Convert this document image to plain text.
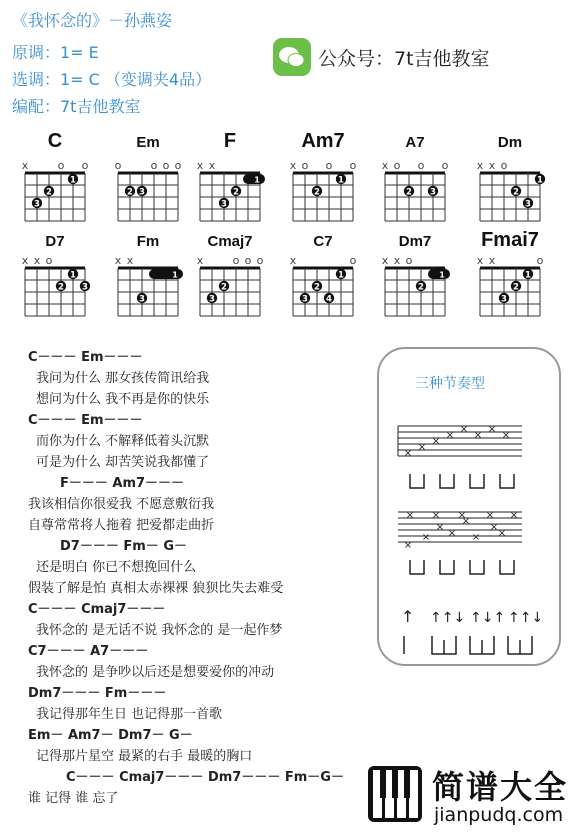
《我怀念的》－孙燕姿
原调：1= E
选调：1= C （变调夹4品）
编配：7t吉他教室
公众号：7t吉他教室
C
x	o o
3
2
1
Em
o	o o o
2 3
F
x x
1
2
3
Am7
x o o o
2
1
A7
x o o o
2 3
Dm
x x o
2
3
1
D7
x x o
2
1
3
Fm
x x
1
3
Cmaj7
x	o o o
3
2
C7
x	o
3
2
4
1
Dm7
x x o
1
2
Fmai7
x x	o
3
2
1
C－－－ Em－－－
我问为什么 那女孩传简讯给我
想问为什么 我不再是你的快乐
C－－－ Em－－－
而你为什么 不解释低着头沉默
可是为什么 却苦笑说我都懂了
F－－－ Am7－－－
我该相信你很爱我 不愿意敷衍我
自尊常常将人拖着 把爱都走曲折
D7－－－ Fm－ G－
还是明白 你已不想挽回什么
假装了解是怕 真相太赤裸裸 狼狈比失去难受
C－－－ Cmaj7－－－
我怀念的 是无话不说 我怀念的 是一起作梦
C7－－－ A7－－－
我怀念的 是争吵以后还是想要爱你的冲动
Dm7－－－ Fm－－－
我记得那年生日 也记得那一首歌
Em－ Am7－ Dm7－ G－
记得那片星空 最紧的右手 最暖的胸口
C－－－ Cmaj7－－－ Dm7－－－ Fm－G－
谁 记得 谁 忘了
三种节奏型
×
×
×
×
×
×
×
×
×
× ×
×
×
×
×
×
×
× × × ×
↑ ↑↑↓ ↑↓↑ ↑↑↓
简谱大全
jianpudq.com
